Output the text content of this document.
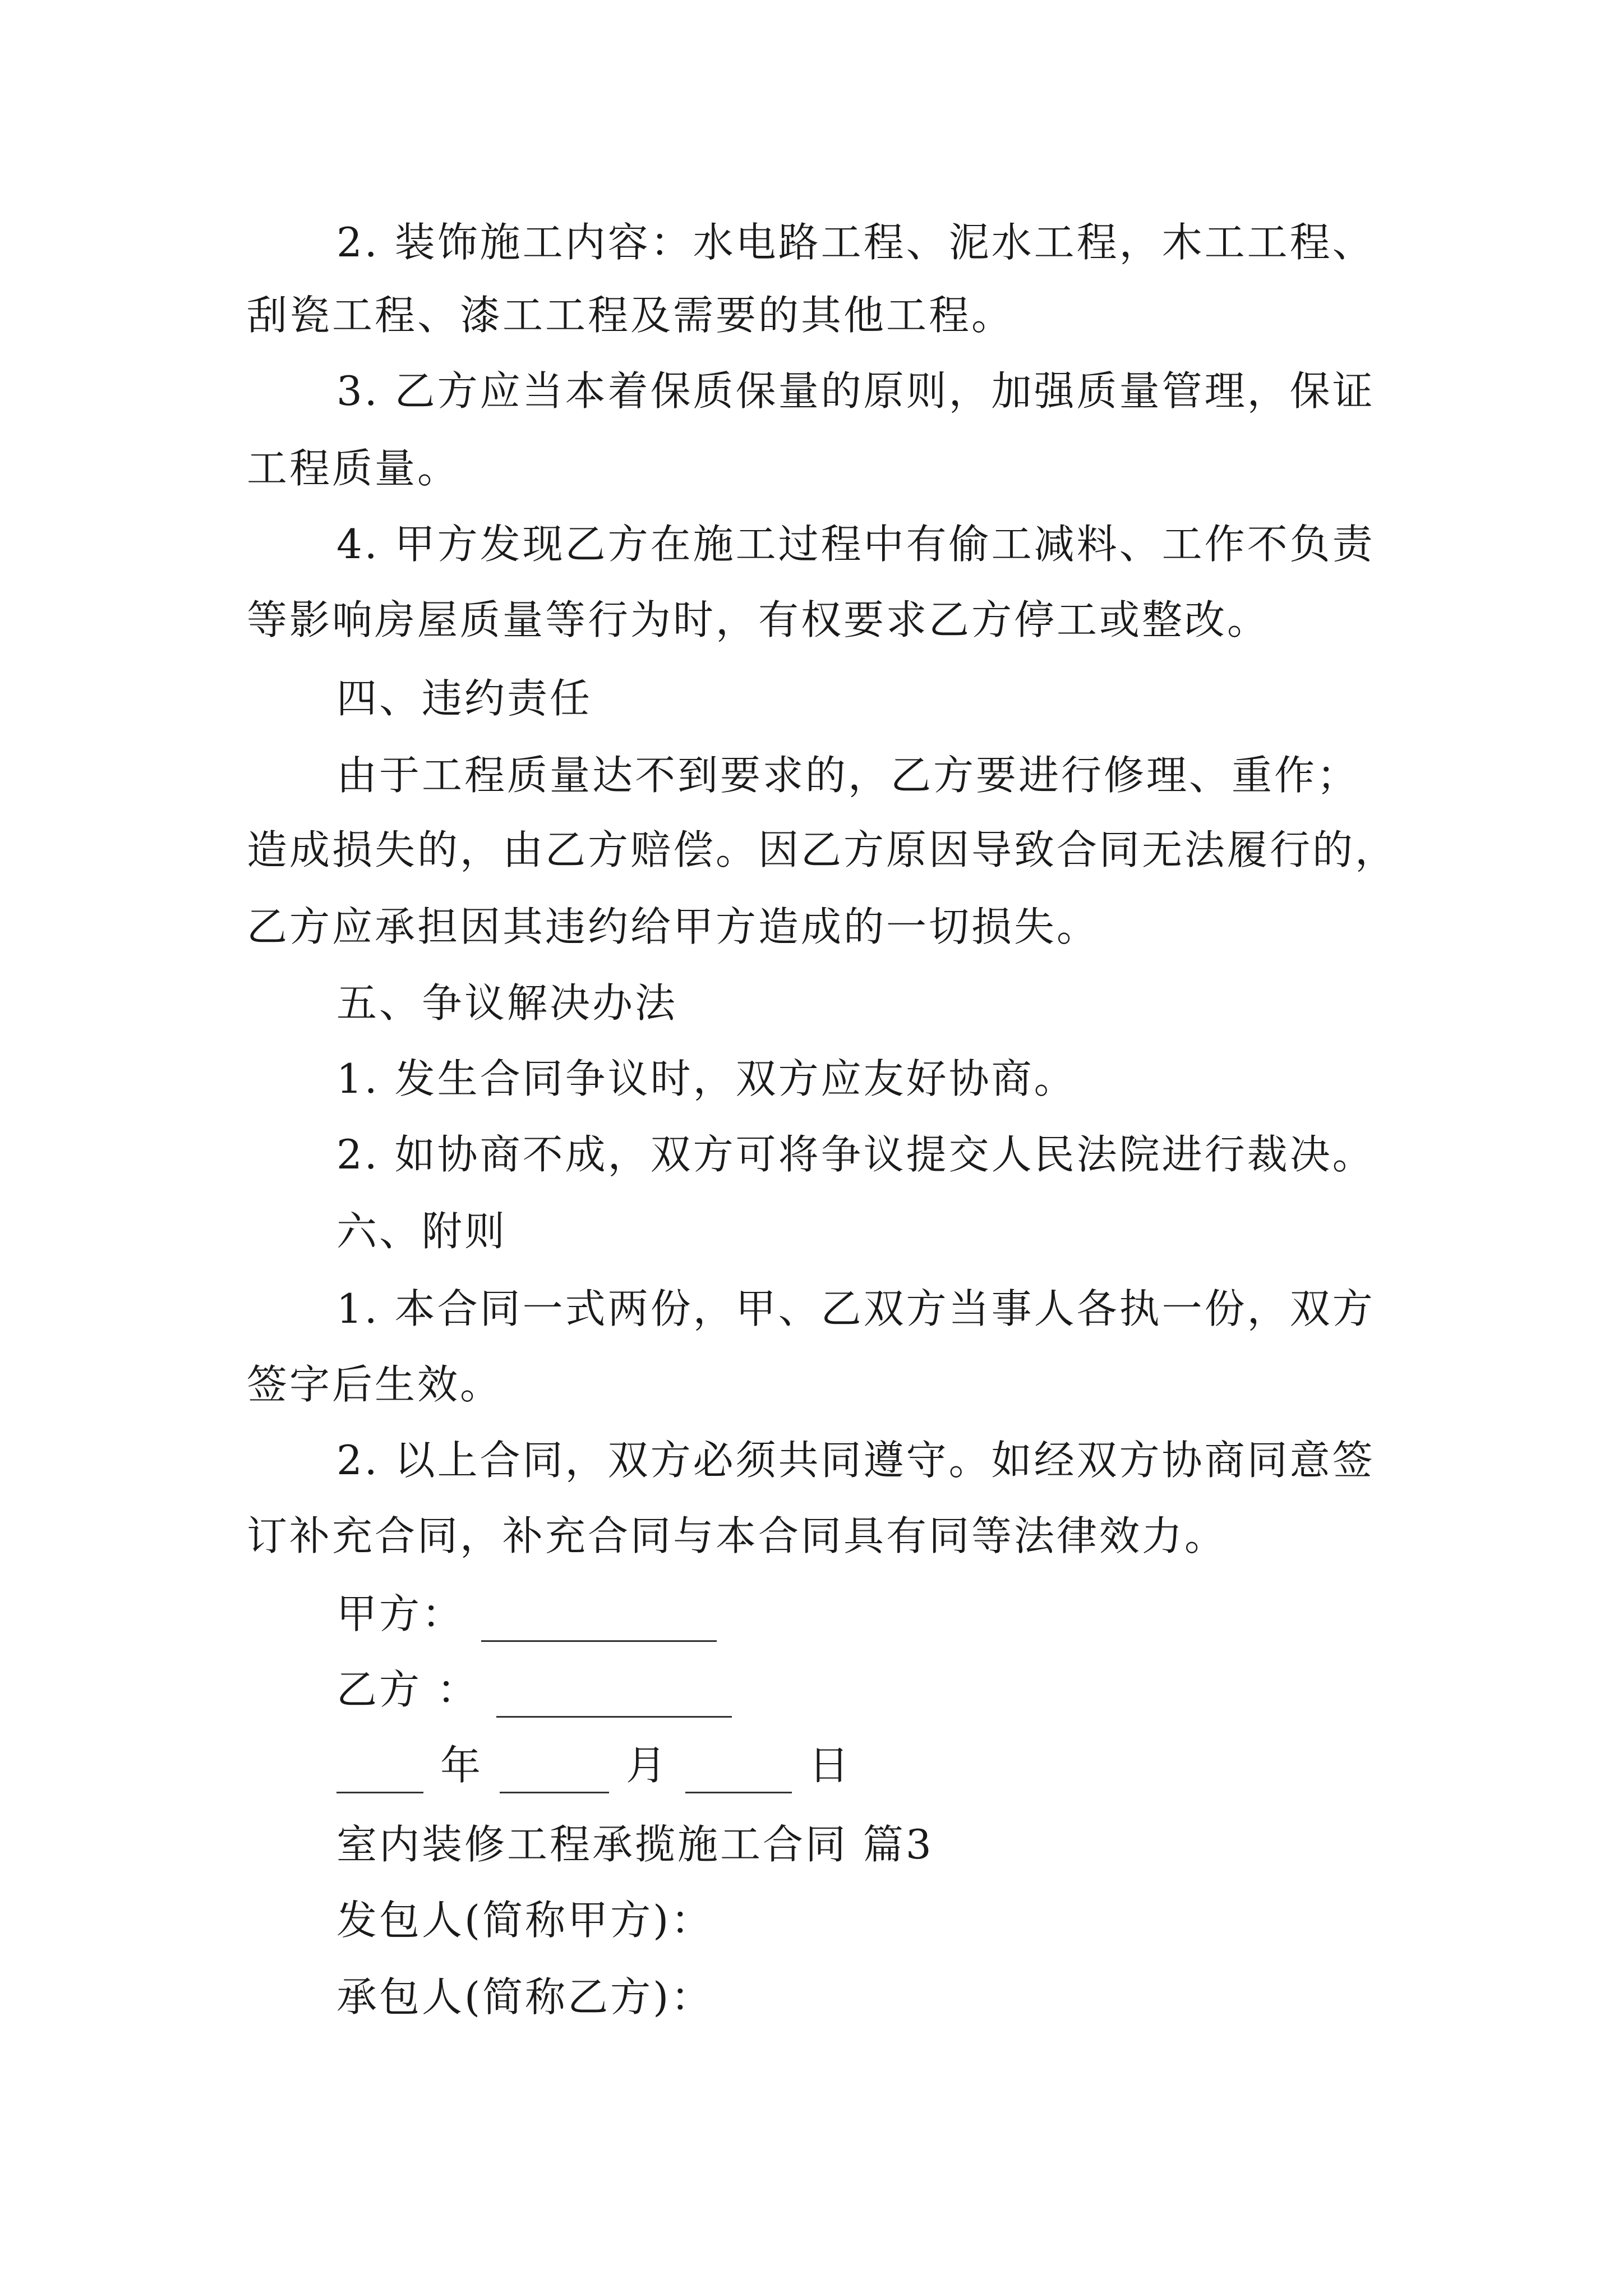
2. 装饰施工内容：水电路工程、泥水工程，木工工程、
刮瓷工程、漆工工程及需要的其他工程。
3. 乙方应当本着保质保量的原则，加强质量管理，保证
工程质量。
4. 甲方发现乙方在施工过程中有偷工减料、工作不负责
等影响房屋质量等行为时，有权要求乙方停工或整改。
四、违约责任
由于工程质量达不到要求的，乙方要进行修理、重作；
造成损失的，由乙方赔偿。因乙方原因导致合同无法履行的，
乙方应承担因其违约给甲方造成的一切损失。
五、争议解决办法
1. 发生合同争议时，双方应友好协商。
2. 如协商不成，双方可将争议提交人民法院进行裁决。
六、附则
1. 本合同一式两份，甲、乙双方当事人各执一份，双方
签字后生效。
2. 以上合同，双方必须共同遵守。如经双方协商同意签
订补充合同，补充合同与本合同具有同等法律效力。
甲方：
乙方 ：
年	月	日
室内装修工程承揽施工合同 篇3
发包人(简称甲方)：
承包人(简称乙方)：
